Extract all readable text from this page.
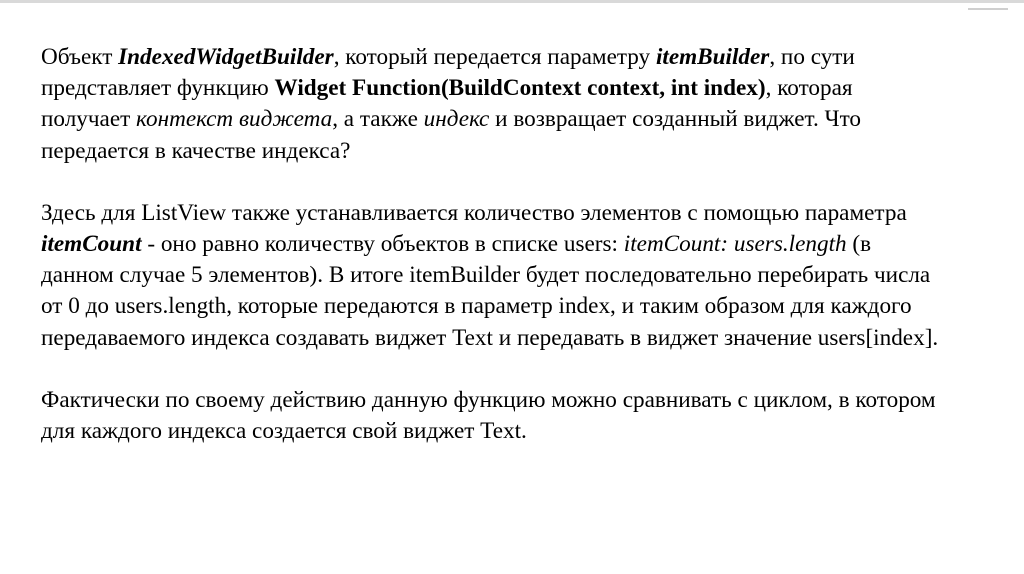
Объект IndexedWidgetBuilder, который передается параметру itemBuilder, по сути представляет функцию Widget Function(BuildContext context, int index), которая получает контекст виджета, а также индекс и возвращает созданный виджет. Что передается в качестве индекса?

Здесь для ListView также устанавливается количество элементов с помощью параметра itemCount - оно равно количеству объектов в списке users: itemCount: users.length (в данном случае 5 элементов). В итоге itemBuilder будет последовательно перебирать числа от 0 до users.length, которые передаются в параметр index, и таким образом для каждого передаваемого индекса создавать виджет Text и передавать в виджет значение users[index].

Фактически по своему действию данную функцию можно сравнивать с циклом, в котором для каждого индекса создается свой виджет Text.
